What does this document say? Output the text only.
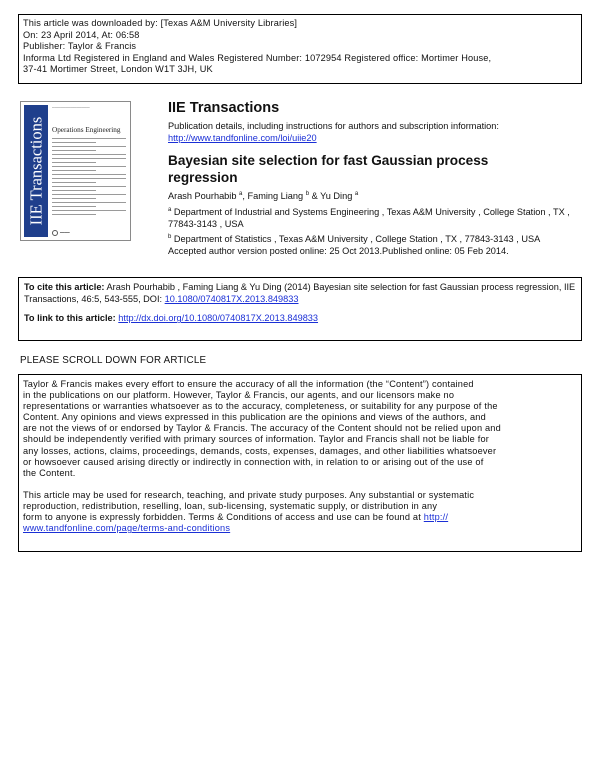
This article was downloaded by: [Texas A&M University Libraries]
On: 23 April 2014, At: 06:58
Publisher: Taylor & Francis
Informa Ltd Registered in England and Wales Registered Number: 1072954 Registered office: Mortimer House,
37-41 Mortimer Street, London W1T 3JH, UK
IIE Transactions
──────────────
Operations Engineering
━━━━
IIE Transactions
Publication details, including instructions for authors and subscription information:
http://www.tandfonline.com/loi/uiie20
Bayesian site selection for fast Gaussian process regression
Arash Pourhabib $^a$, Faming Liang $^b$ & Yu Ding $^a$
$^a$ Department of Industrial and Systems Engineering , Texas A&M University , College Station , TX , 77843-3143 , USA
$^b$ Department of Statistics , Texas A&M University , College Station , TX , 77843-3143 , USA
Accepted author version posted online: 25 Oct 2013.Published online: 05 Feb 2014.
To cite this article: Arash Pourhabib , Faming Liang & Yu Ding (2014) Bayesian site selection for fast Gaussian process regression, IIE Transactions, 46:5, 543-555, DOI: 10.1080/0740817X.2013.849833
To link to this article: http://dx.doi.org/10.1080/0740817X.2013.849833
PLEASE SCROLL DOWN FOR ARTICLE

Taylor & Francis makes every effort to ensure the accuracy of all the information (the “Content”) contained
in the publications on our platform. However, Taylor & Francis, our agents, and our licensors make no
representations or warranties whatsoever as to the accuracy, completeness, or suitability for any purpose of the
Content. Any opinions and views expressed in this publication are the opinions and views of the authors, and
are not the views of or endorsed by Taylor & Francis. The accuracy of the Content should not be relied upon and
should be independently verified with primary sources of information. Taylor and Francis shall not be liable for
any losses, actions, claims, proceedings, demands, costs, expenses, damages, and other liabilities whatsoever
or howsoever caused arising directly or indirectly in connection with, in relation to or arising out of the use of
the Content.

This article may be used for research, teaching, and private study purposes. Any substantial or systematic
reproduction, redistribution, reselling, loan, sub-licensing, systematic supply, or distribution in any
form to anyone is expressly forbidden. Terms & Conditions of access and use can be found at http://
www.tandfonline.com/page/terms-and-conditions
